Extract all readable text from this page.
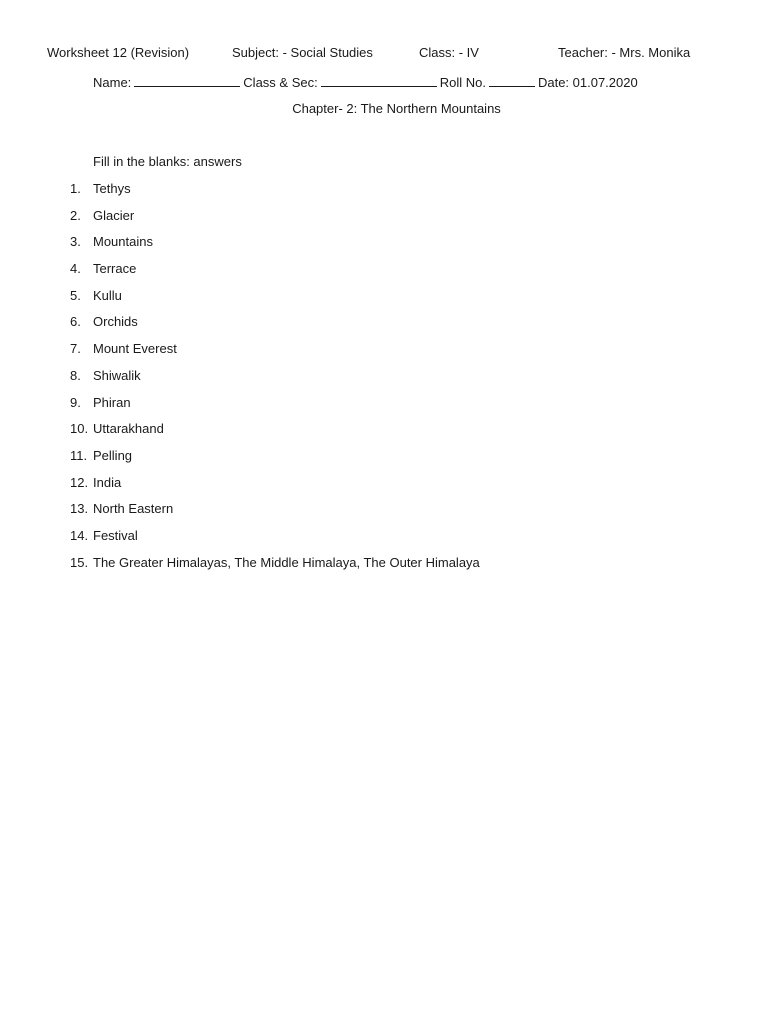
Worksheet 12 (Revision)	Subject: - Social Studies	Class: - IV	Teacher: - Mrs. Monika
Name:	Class & Sec:	Roll No.	Date: 01.07.2020
Chapter- 2: The Northern Mountains
Fill in the blanks: answers
1. Tethys
2. Glacier
3. Mountains
4. Terrace
5. Kullu
6. Orchids
7. Mount Everest
8. Shiwalik
9. Phiran
10. Uttarakhand
11. Pelling
12. India
13. North Eastern
14. Festival
15. The Greater Himalayas, The Middle Himalaya, The Outer Himalaya
